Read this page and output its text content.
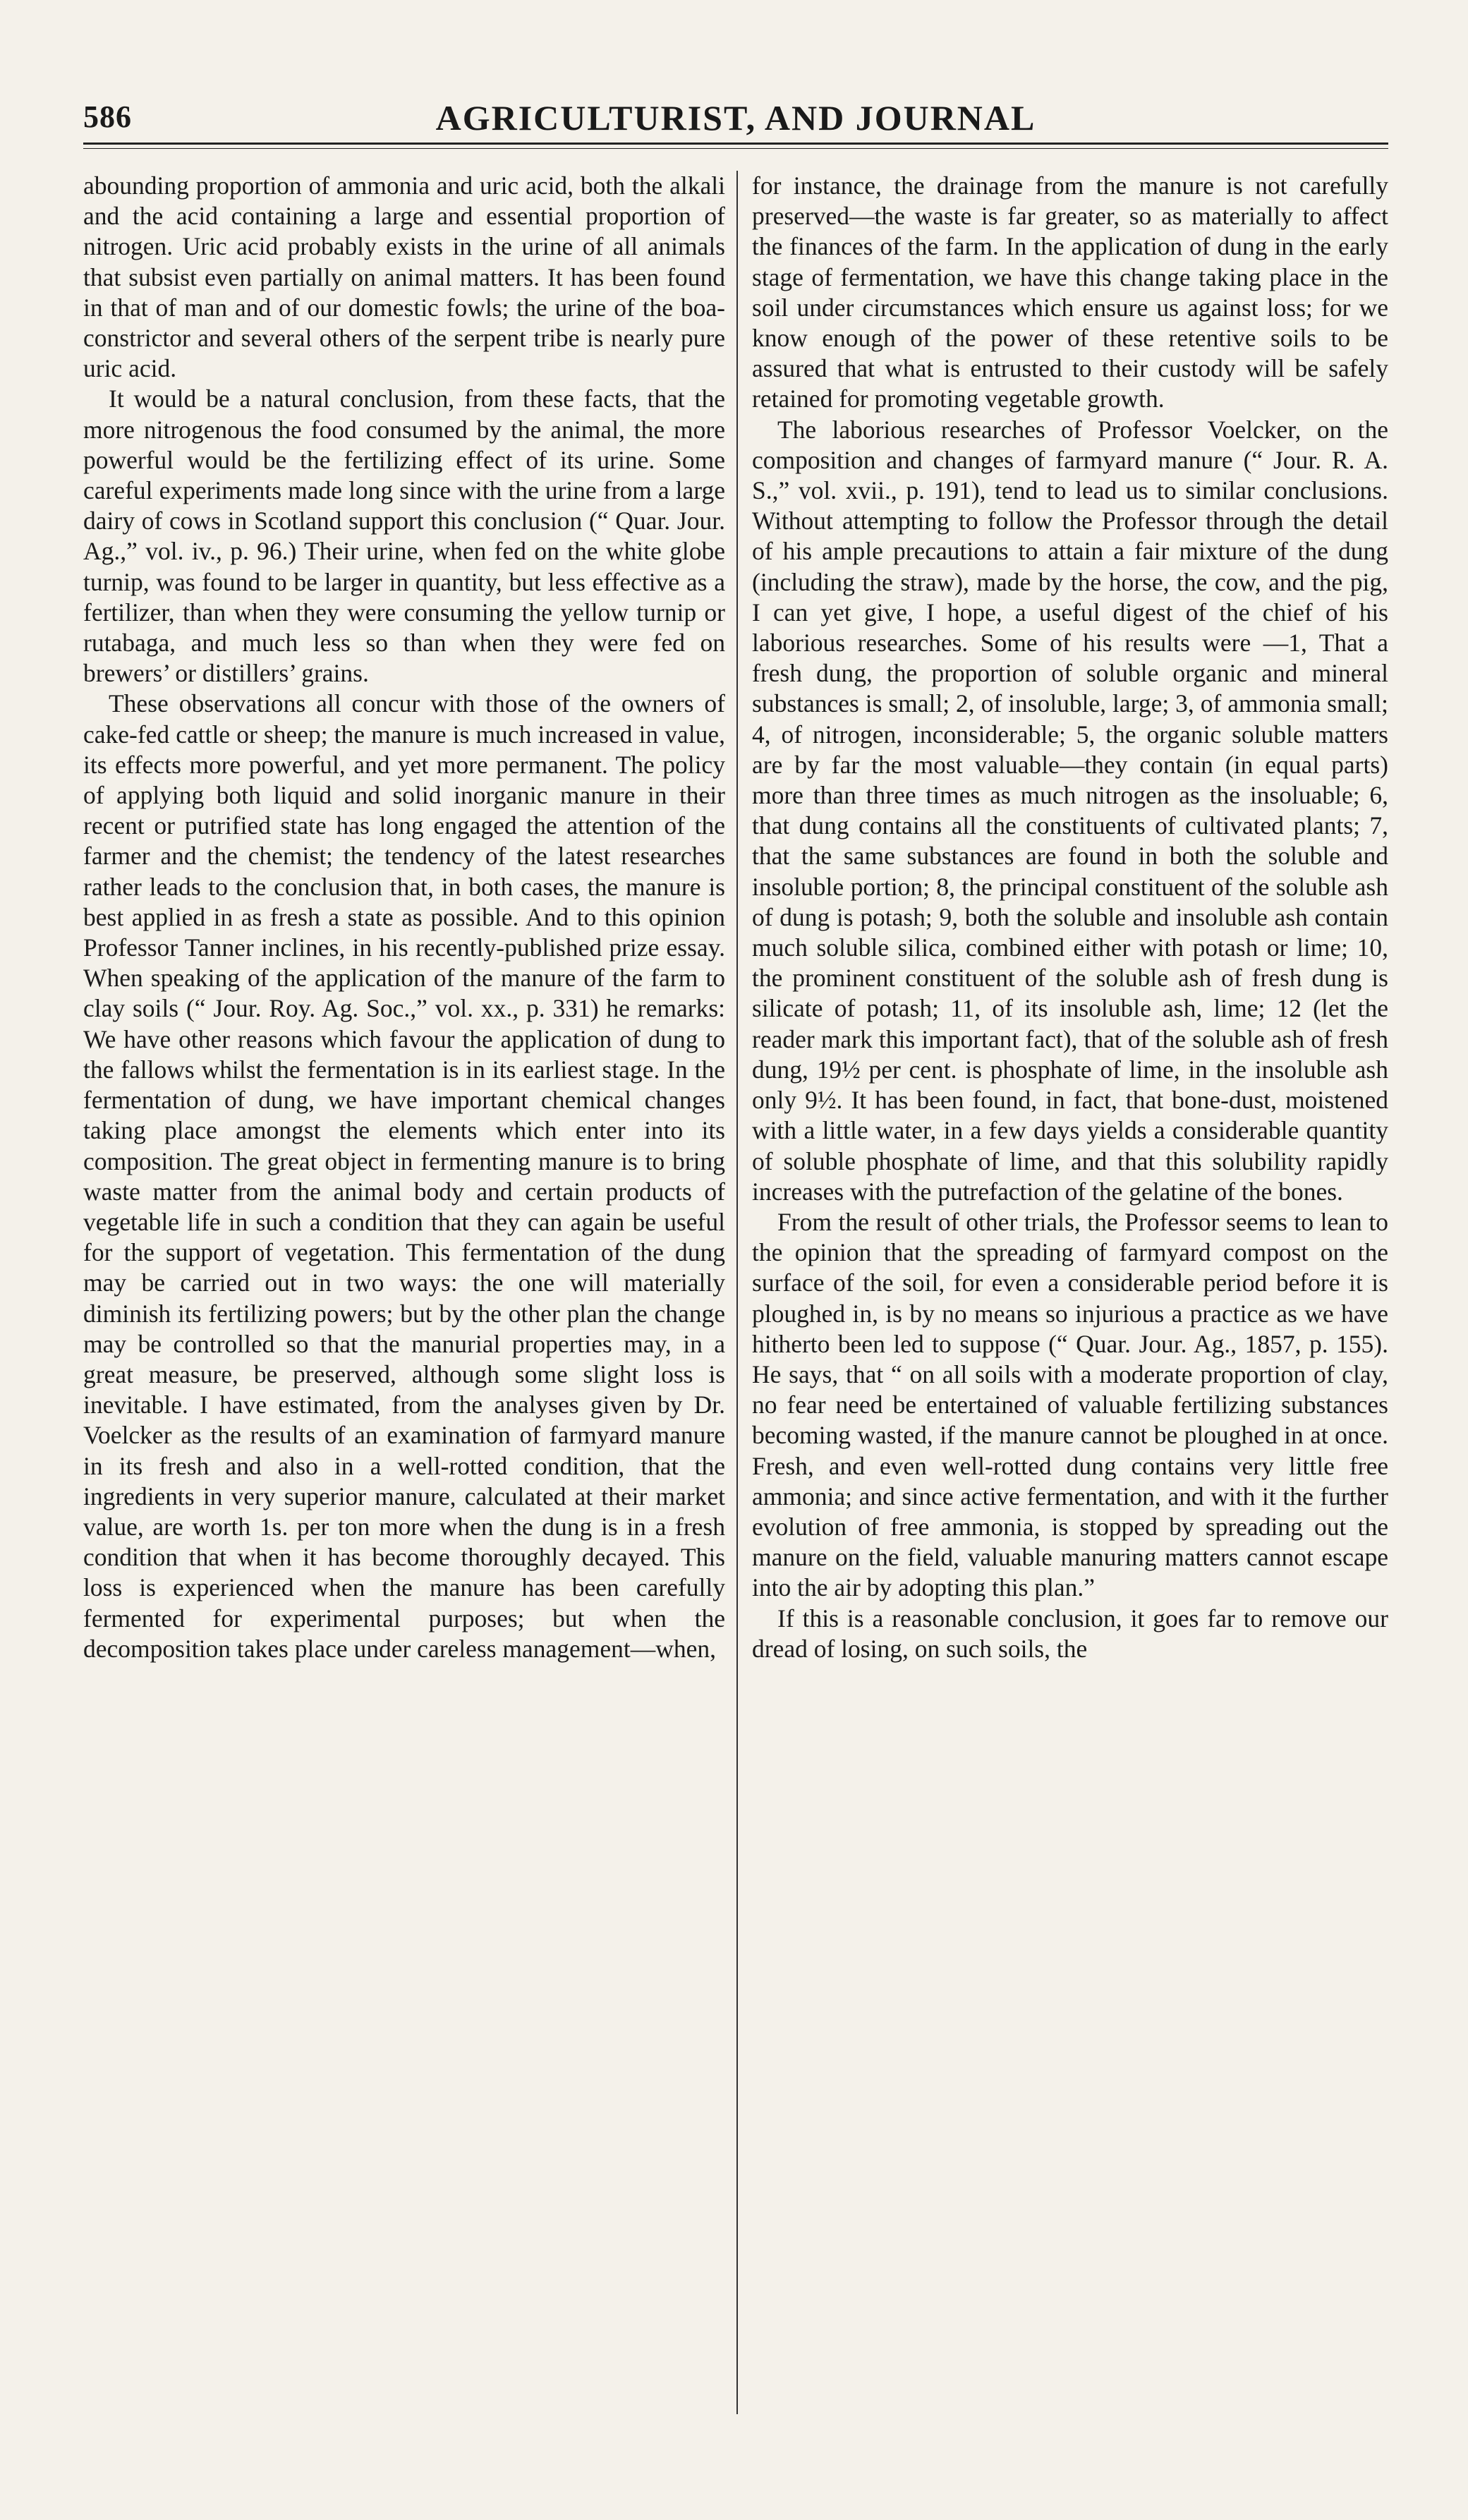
586	AGRICULTURIST, AND JOURNAL

abounding proportion of ammonia and uric acid, both the alkali and the acid containing a large and essential proportion of nitrogen. Uric acid probably exists in the urine of all animals that subsist even partially on animal matters. It has been found in that of man and of our domestic fowls; the urine of the boa-constrictor and several others of the serpent tribe is nearly pure uric acid.

It would be a natural conclusion, from these facts, that the more nitrogenous the food consumed by the animal, the more powerful would be the fertilizing effect of its urine. Some careful experiments made long since with the urine from a large dairy of cows in Scotland support this conclusion (“ Quar. Jour. Ag.,” vol. iv., p. 96.) Their urine, when fed on the white globe turnip, was found to be larger in quantity, but less effective as a fertilizer, than when they were consuming the yellow turnip or rutabaga, and much less so than when they were fed on brewers’ or distillers’ grains.

These observations all concur with those of the owners of cake-fed cattle or sheep; the manure is much increased in value, its effects more powerful, and yet more permanent. The policy of applying both liquid and solid inorganic manure in their recent or putrified state has long engaged the attention of the farmer and the chemist; the tendency of the latest researches rather leads to the conclusion that, in both cases, the manure is best applied in as fresh a state as possible. And to this opinion Professor Tanner inclines, in his recently-published prize essay. When speaking of the application of the manure of the farm to clay soils (“ Jour. Roy. Ag. Soc.,” vol. xx., p. 331) he remarks: We have other reasons which favour the application of dung to the fallows whilst the fermentation is in its earliest stage. In the fermentation of dung, we have important chemical changes taking place amongst the elements which enter into its composition. The great object in fermenting manure is to bring waste matter from the animal body and certain products of vegetable life in such a condition that they can again be useful for the support of vegetation. This fermentation of the dung may be carried out in two ways: the one will materially diminish its fertilizing powers; but by the other plan the change may be controlled so that the manurial properties may, in a great measure, be preserved, although some slight loss is inevitable. I have estimated, from the analyses given by Dr. Voelcker as the results of an examination of farmyard manure in its fresh and also in a well-rotted condition, that the ingredients in very superior manure, calculated at their market value, are worth 1s. per ton more when the dung is in a fresh condition that when it has become thoroughly decayed. This loss is experienced when the manure has been carefully fermented for experimental purposes; but when the decomposition takes place under careless management—when,

for instance, the drainage from the manure is not carefully preserved—the waste is far greater, so as materially to affect the finances of the farm. In the application of dung in the early stage of fermentation, we have this change taking place in the soil under circumstances which ensure us against loss; for we know enough of the power of these retentive soils to be assured that what is entrusted to their custody will be safely retained for promoting vegetable growth.

The laborious researches of Professor Voelcker, on the composition and changes of farmyard manure (“ Jour. R. A. S.,” vol. xvii., p. 191), tend to lead us to similar conclusions. Without attempting to follow the Professor through the detail of his ample precautions to attain a fair mixture of the dung (including the straw), made by the horse, the cow, and the pig, I can yet give, I hope, a useful digest of the chief of his laborious researches. Some of his results were —1, That a fresh dung, the proportion of soluble organic and mineral substances is small; 2, of insoluble, large; 3, of ammonia small; 4, of nitrogen, inconsiderable; 5, the organic soluble matters are by far the most valuable—they contain (in equal parts) more than three times as much nitrogen as the insoluable; 6, that dung contains all the constituents of cultivated plants; 7, that the same substances are found in both the soluble and insoluble portion; 8, the principal constituent of the soluble ash of dung is potash; 9, both the soluble and insoluble ash contain much soluble silica, combined either with potash or lime; 10, the prominent constituent of the soluble ash of fresh dung is silicate of potash; 11, of its insoluble ash, lime; 12 (let the reader mark this important fact), that of the soluble ash of fresh dung, 19½ per cent. is phosphate of lime, in the insoluble ash only 9½. It has been found, in fact, that bone-dust, moistened with a little water, in a few days yields a considerable quantity of soluble phosphate of lime, and that this solubility rapidly increases with the putrefaction of the gelatine of the bones.

From the result of other trials, the Professor seems to lean to the opinion that the spreading of farmyard compost on the surface of the soil, for even a considerable period before it is ploughed in, is by no means so injurious a practice as we have hitherto been led to suppose (“ Quar. Jour. Ag., 1857, p. 155). He says, that “ on all soils with a moderate proportion of clay, no fear need be entertained of valuable fertilizing substances becoming wasted, if the manure cannot be ploughed in at once. Fresh, and even well-rotted dung contains very little free ammonia; and since active fermentation, and with it the further evolution of free ammonia, is stopped by spreading out the manure on the field, valuable manuring matters cannot escape into the air by adopting this plan.”

If this is a reasonable conclusion, it goes far to remove our dread of losing, on such soils, the
